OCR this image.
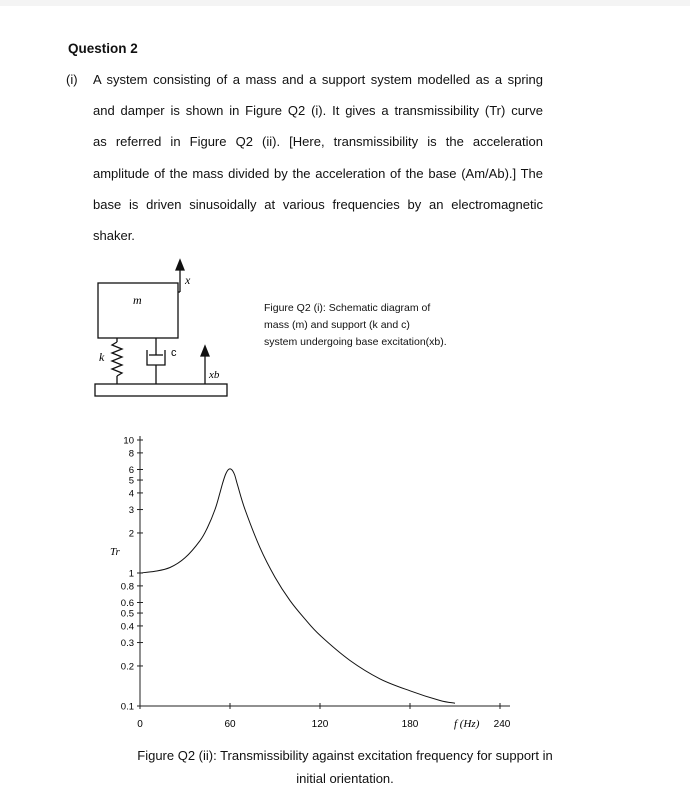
Question 2
(i) A system consisting of a mass and a support system modelled as a spring
and damper is shown in Figure Q2 (i). It gives a transmissibility (Tr) curve
as referred in Figure Q2 (ii). [Here, transmissibility is the acceleration
amplitude of the mass divided by the acceleration of the base (Am/Ab).] The
base is driven sinusoidally at various frequencies by an electromagnetic
shaker.
m
k	c
x
xb
Figure Q2 (i): Schematic diagram of
mass (m) and support (k and c)
system undergoing base excitation(xb).
Tr
f (Hz)
10
8
6
5
4
3
2
1
0.8
0.6
0.5
0.4
0.3
0.2
0.1
0	60	120	180	240
Figure Q2 (ii): Transmissibility against excitation frequency for support in
initial orientation.
